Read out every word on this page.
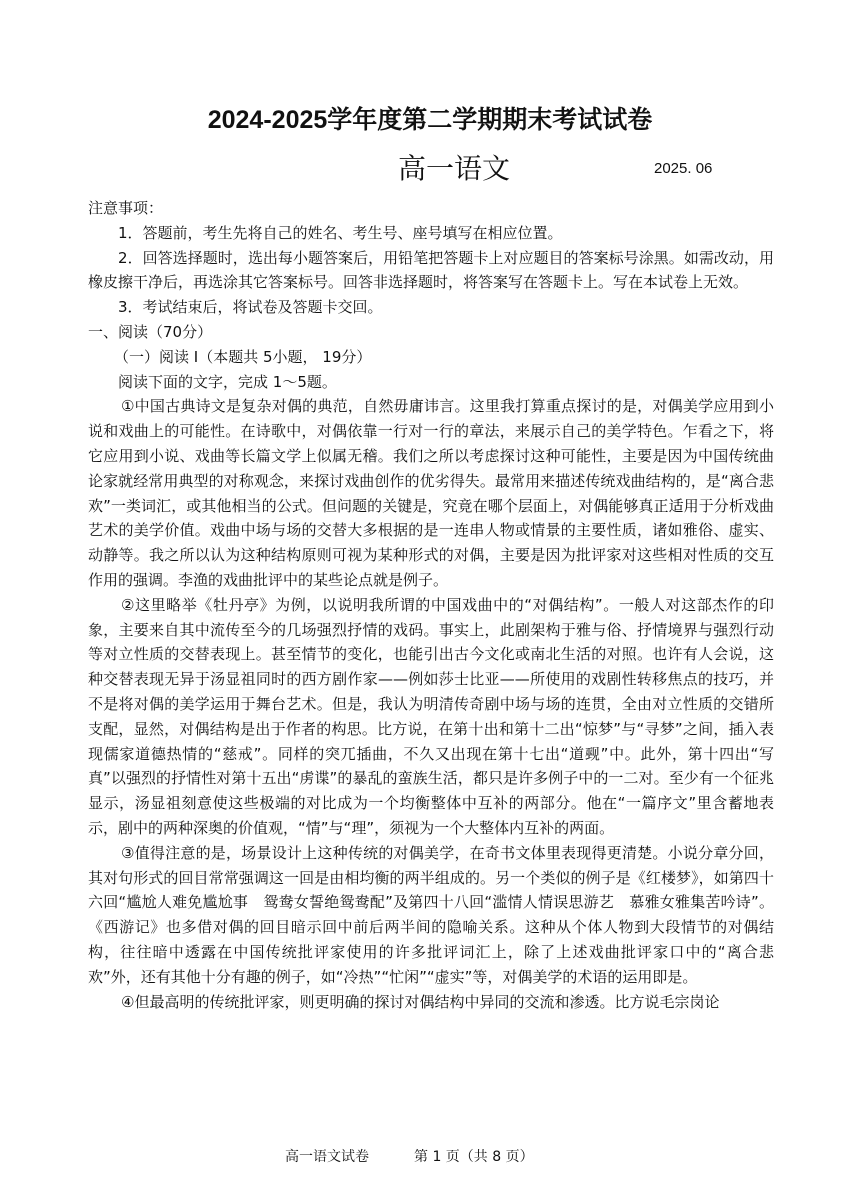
2024-2025学年度第二学期期末考试试卷
高一语文	2025. 06

注意事项：

1．答题前，考生先将自己的姓名、考生号、座号填写在相应位置。

2．回答选择题时，选出每小题答案后，用铅笔把答题卡上对应题目的答案标号涂黑。如需改动，用橡皮擦干净后，再选涂其它答案标号。回答非选择题时，将答案写在答题卡上。写在本试卷上无效。

3．考试结束后，将试卷及答题卡交回。

一、阅读（70分）

（一）阅读 I（本题共 5小题， 19分）

阅读下面的文字，完成 1～5题。

①中国古典诗文是复杂对偶的典范，自然毋庸讳言。这里我打算重点探讨的是，对偶美学应用到小说和戏曲上的可能性。在诗歌中，对偶依靠一行对一行的章法，来展示自己的美学特色。乍看之下，将它应用到小说、戏曲等长篇文学上似属无稽。我们之所以考虑探讨这种可能性，主要是因为中国传统曲论家就经常用典型的对称观念，来探讨戏曲创作的优劣得失。最常用来描述传统戏曲结构的，是“离合悲欢”一类词汇，或其他相当的公式。但问题的关键是，究竟在哪个层面上，对偶能够真正适用于分析戏曲艺术的美学价值。戏曲中场与场的交替大多根据的是一连串人物或情景的主要性质，诸如雅俗、虚实、动静等。我之所以认为这种结构原则可视为某种形式的对偶，主要是因为批评家对这些相对性质的交互作用的强调。李渔的戏曲批评中的某些论点就是例子。

②这里略举《牡丹亭》为例，以说明我所谓的中国戏曲中的“对偶结构”。一般人对这部杰作的印象，主要来自其中流传至今的几场强烈抒情的戏码。事实上，此剧架构于雅与俗、抒情境界与强烈行动等对立性质的交替表现上。甚至情节的变化，也能引出古今文化或南北生活的对照。也许有人会说，这种交替表现无异于汤显祖同时的西方剧作家——例如莎士比亚——所使用的戏剧性转移焦点的技巧，并不是将对偶的美学运用于舞台艺术。但是，我认为明清传奇剧中场与场的连贯，全由对立性质的交错所支配，显然，对偶结构是出于作者的构思。比方说，在第十出和第十二出“惊梦”与“寻梦”之间，插入表现儒家道德热情的“慈戒”。同样的突兀插曲，不久又出现在第十七出“道觋”中。此外，第十四出“写真”以强烈的抒情性对第十五出“虏谍”的暴乱的蛮族生活，都只是许多例子中的一二对。至少有一个征兆显示，汤显祖刻意使这些极端的对比成为一个均衡整体中互补的两部分。他在“一篇序文”里含蓄地表示，剧中的两种深奥的价值观，“情”与“理”，须视为一个大整体内互补的两面。

③值得注意的是，场景设计上这种传统的对偶美学，在奇书文体里表现得更清楚。小说分章分回，其对句形式的回目常常强调这一回是由相均衡的两半组成的。另一个类似的例子是《红楼梦》，如第四十六回“尴尬人难免尴尬事　鸳鸯女誓绝鸳鸯配”及第四十八回“滥情人情误思游艺　慕雅女雅集苦吟诗”。《西游记》也多借对偶的回目暗示回中前后两半间的隐喻关系。这种从个体人物到大段情节的对偶结构，往往暗中透露在中国传统批评家使用的许多批评词汇上，除了上述戏曲批评家口中的“离合悲欢”外，还有其他十分有趣的例子，如“冷热”“忙闲”“虚实”等，对偶美学的术语的运用即是。

④但最高明的传统批评家，则更明确的探讨对偶结构中异同的交流和渗透。比方说毛宗岗论

高一语文试卷	第 1 页（共 8 页）
